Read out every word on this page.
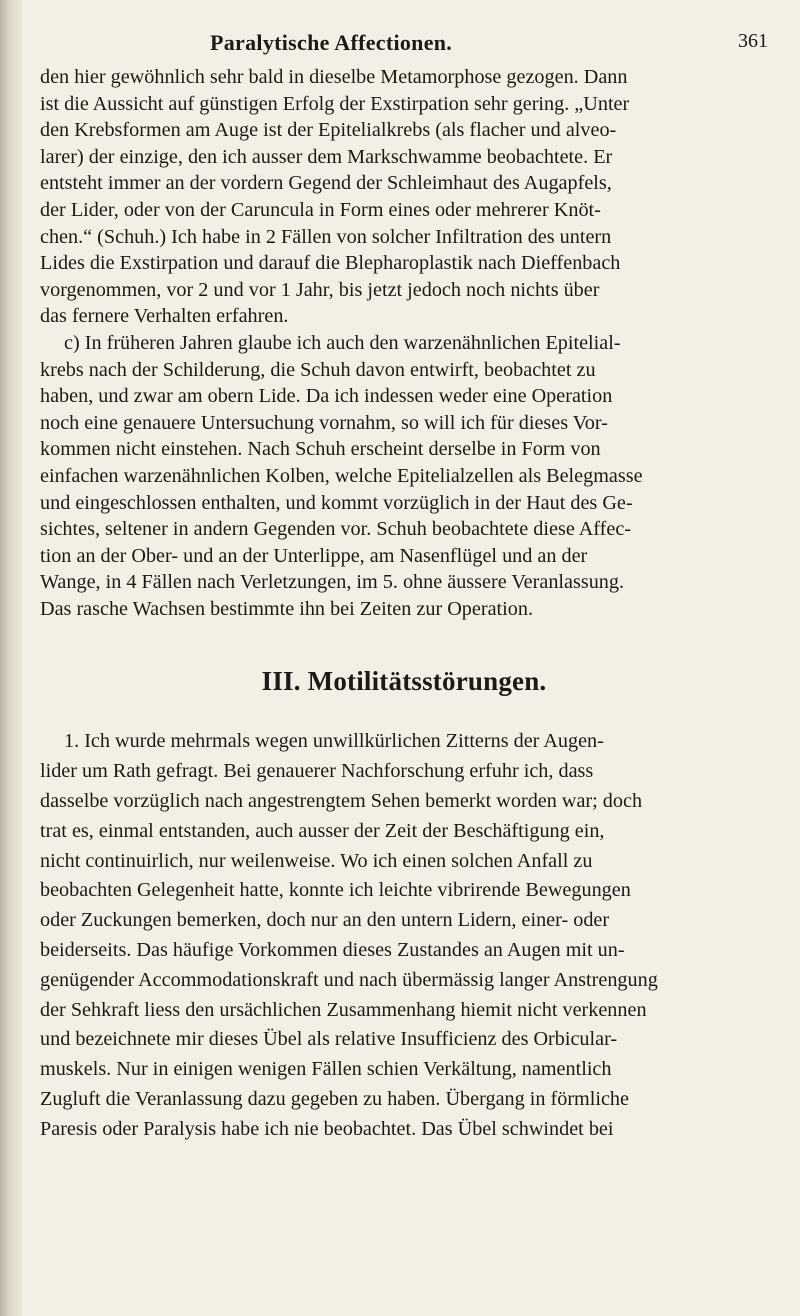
Paralytische Affectionen.	361

den hier gewöhnlich sehr bald in dieselbe Metamorphose gezogen. Dann
ist die Aussicht auf günstigen Erfolg der Exstirpation sehr gering. „Unter
den Krebsformen am Auge ist der Epitelialkrebs (als flacher und alveo-
larer) der einzige, den ich ausser dem Markschwamme beobachtete. Er
entsteht immer an der vordern Gegend der Schleimhaut des Augapfels,
der Lider, oder von der Caruncula in Form eines oder mehrerer Knöt-
chen.“ (Schuh.) Ich habe in 2 Fällen von solcher Infiltration des untern
Lides die Exstirpation und darauf die Blepharoplastik nach Dieffenbach
vorgenommen, vor 2 und vor 1 Jahr, bis jetzt jedoch noch nichts über
das fernere Verhalten erfahren.

c) In früheren Jahren glaube ich auch den warzenähnlichen Epitelial-
krebs nach der Schilderung, die Schuh davon entwirft, beobachtet zu
haben, und zwar am obern Lide. Da ich indessen weder eine Operation
noch eine genauere Untersuchung vornahm, so will ich für dieses Vor-
kommen nicht einstehen. Nach Schuh erscheint derselbe in Form von
einfachen warzenähnlichen Kolben, welche Epitelialzellen als Belegmasse
und eingeschlossen enthalten, und kommt vorzüglich in der Haut des Ge-
sichtes, seltener in andern Gegenden vor. Schuh beobachtete diese Affec-
tion an der Ober- und an der Unterlippe, am Nasenflügel und an der
Wange, in 4 Fällen nach Verletzungen, im 5. ohne äussere Veranlassung.
Das rasche Wachsen bestimmte ihn bei Zeiten zur Operation.

III. Motilitätsstörungen.

1. Ich wurde mehrmals wegen unwillkürlichen Zitterns der Augen-
lider um Rath gefragt. Bei genauerer Nachforschung erfuhr ich, dass
dasselbe vorzüglich nach angestrengtem Sehen bemerkt worden war; doch
trat es, einmal entstanden, auch ausser der Zeit der Beschäftigung ein,
nicht continuirlich, nur weilenweise. Wo ich einen solchen Anfall zu
beobachten Gelegenheit hatte, konnte ich leichte vibrirende Bewegungen
oder Zuckungen bemerken, doch nur an den untern Lidern, einer- oder
beiderseits. Das häufige Vorkommen dieses Zustandes an Augen mit un-
genügender Accommodationskraft und nach übermässig langer Anstrengung
der Sehkraft liess den ursächlichen Zusammenhang hiemit nicht verkennen
und bezeichnete mir dieses Übel als relative Insufficienz des Orbicular-
muskels. Nur in einigen wenigen Fällen schien Verkältung, namentlich
Zugluft die Veranlassung dazu gegeben zu haben. Übergang in förmliche
Paresis oder Paralysis habe ich nie beobachtet. Das Übel schwindet bei
